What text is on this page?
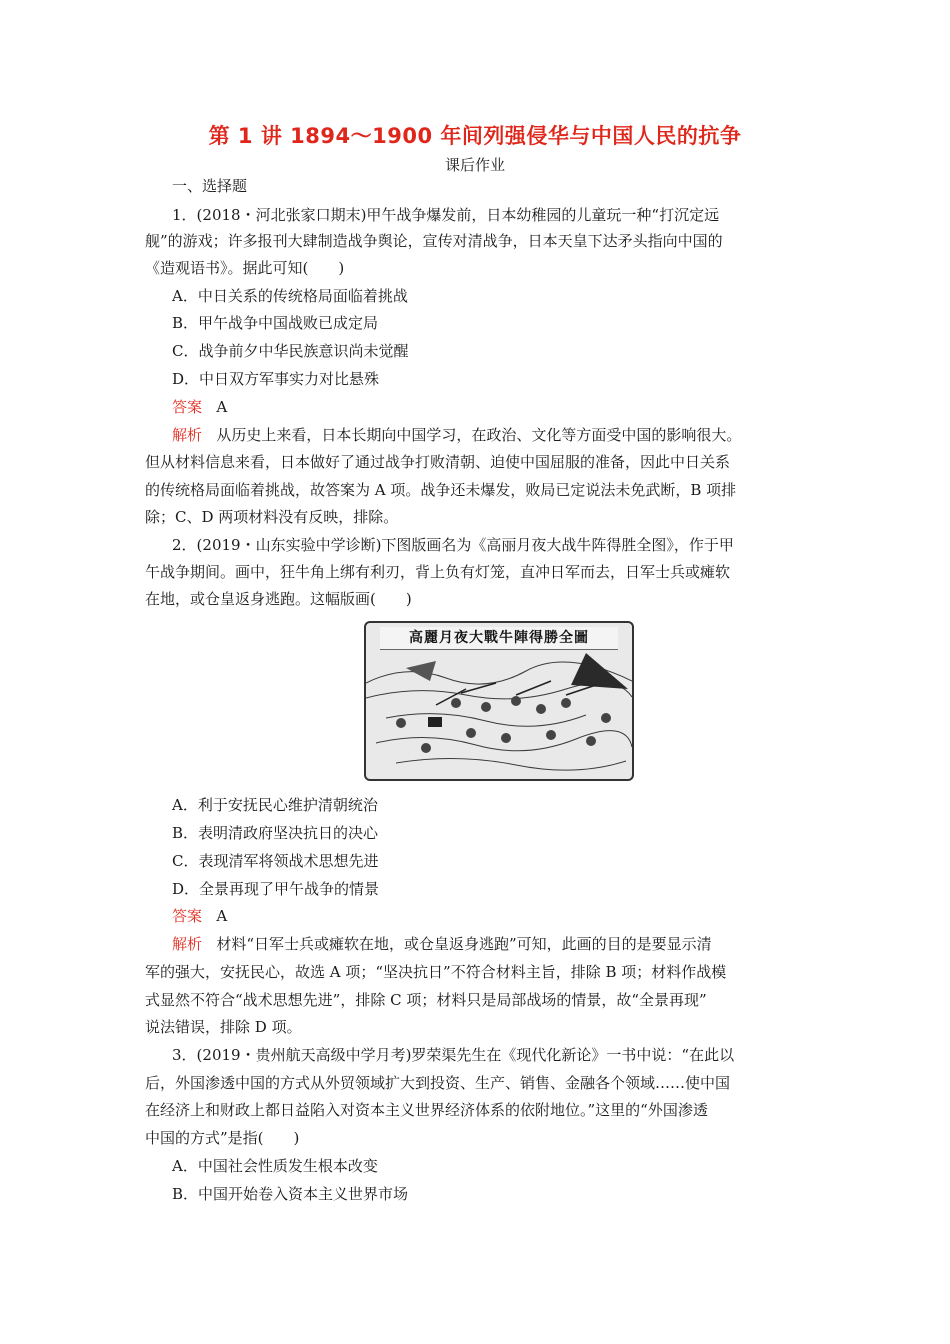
第 1 讲 1894～1900 年间列强侵华与中国人民的抗争
课后作业
一、选择题
1．(2018・河北张家口期末)甲午战争爆发前，日本幼稚园的儿童玩一种“打沉定远
舰”的游戏；许多报刊大肆制造战争舆论，宣传对清战争，日本天皇下达矛头指向中国的
《造观语书》。据此可知(　　)
A．中日关系的传统格局面临着挑战
B．甲午战争中国战败已成定局
C．战争前夕中华民族意识尚未觉醒
D．中日双方军事实力对比悬殊
答案 A
解析 从历史上来看，日本长期向中国学习，在政治、文化等方面受中国的影响很大。
但从材料信息来看，日本做好了通过战争打败清朝、迫使中国屈服的准备，因此中日关系
的传统格局面临着挑战，故答案为 A 项。战争还未爆发，败局已定说法未免武断，B 项排
除；C、D 两项材料没有反映，排除。
2．(2019・山东实验中学诊断)下图版画名为《高丽月夜大战牛阵得胜全图》，作于甲
午战争期间。画中，狂牛角上绑有利刃，背上负有灯笼，直冲日军而去，日军士兵或瘫软
在地，或仓皇返身逃跑。这幅版画(　　)
高麗月夜大戰牛陣得勝全圖
A．利于安抚民心维护清朝统治
B．表明清政府坚决抗日的决心
C．表现清军将领战术思想先进
D．全景再现了甲午战争的情景
答案 A
解析 材料“日军士兵或瘫软在地，或仓皇返身逃跑”可知，此画的目的是要显示清
军的强大，安抚民心，故选 A 项；“坚决抗日”不符合材料主旨，排除 B 项；材料作战模
式显然不符合“战术思想先进”，排除 C 项；材料只是局部战场的情景，故“全景再现”
说法错误，排除 D 项。
3．(2019・贵州航天高级中学月考)罗荣渠先生在《现代化新论》一书中说：“在此以
后，外国渗透中国的方式从外贸领域扩大到投资、生产、销售、金融各个领域……使中国
在经济上和财政上都日益陷入对资本主义世界经济体系的依附地位。”这里的“外国渗透
中国的方式”是指(　　)
A．中国社会性质发生根本改变
B．中国开始卷入资本主义世界市场
